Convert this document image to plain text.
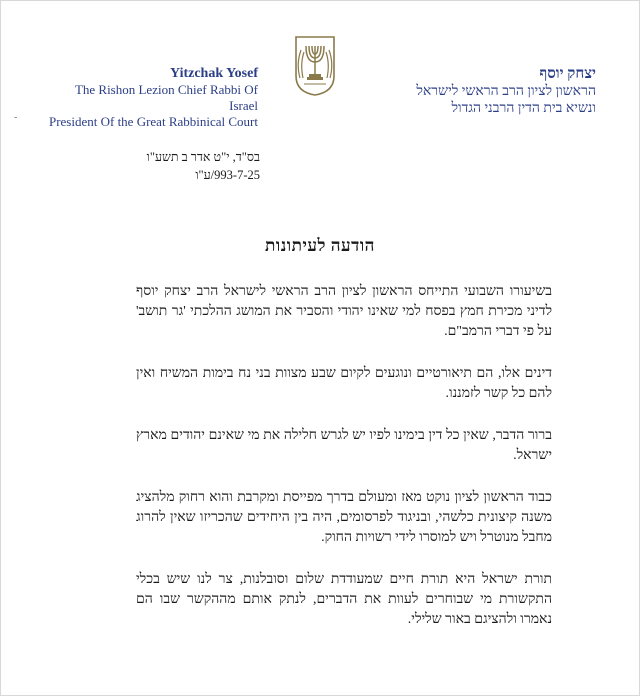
Yitzchak Yosef
The Rishon Lezion Chief Rabbi Of Israel
President Of the Great Rabbinical Court
יצחק יוסף
הראשון לציון הרב הראשי לישראל
ונשיא בית הדין הרבני הגדול
-
בס"ד, י"ט אדר ב תשע"ו
993-7-25/ע"ו
הודעה לעיתונות

בשיעורו השבועי התייחס הראשון לציון הרב הראשי לישראל הרב יצחק יוסף לדיני מכירת חמץ בפסח למי שאינו יהודי והסביר את המושג ההלכתי 'גר תושב' על פי דברי הרמב"ם.

דינים אלו, הם תיאורטיים ונוגעים לקיום שבע מצוות בני נח בימות המשיח ואין להם כל קשר לזמננו.

ברור הדבר, שאין כל דין בימינו לפיו יש לגרש חלילה את מי שאינם יהודים מארץ ישראל.

כבוד הראשון לציון נוקט מאז ומעולם בדרך מפייסת ומקרבת והוא רחוק מלהציג משנה קיצונית כלשהי, ובניגוד לפרסומים, היה בין היחידים שהכריזו שאין להרוג מחבל מנוטרל ויש למוסרו לידי רשויות החוק.

תורת ישראל היא תורת חיים שמעודדת שלום וסובלנות, צר לנו שיש בכלי התקשורת מי שבוחרים לעוות את הדברים, לנתק אותם מההקשר שבו הם נאמרו ולהציגם באור שלילי.
